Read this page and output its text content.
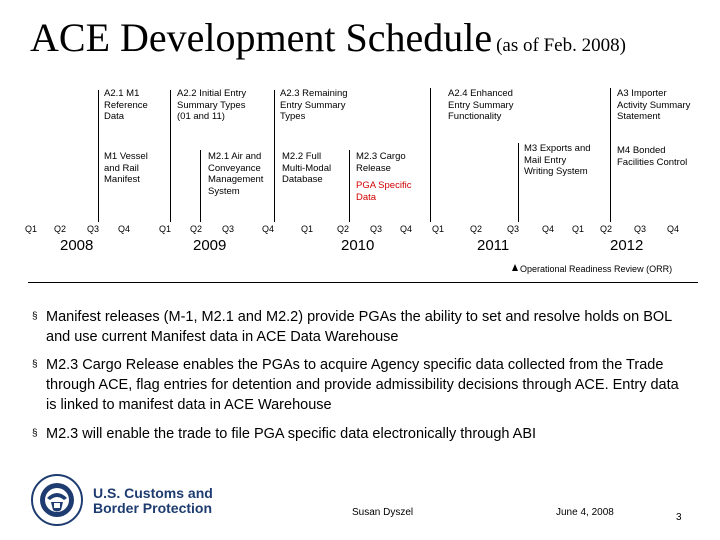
ACE Development Schedule (as of Feb. 2008)
A2.1 M1
Reference
Data
A2.2 Initial Entry
Summary Types
(01 and 11)
A2.3 Remaining
Entry Summary
Types
A2.4 Enhanced
Entry Summary
Functionality
A3 Importer
Activity Summary
Statement
M1 Vessel
and Rail
Manifest
M2.1 Air and
Conveyance
Management
System
M2.2 Full
Multi-Modal
Database
M2.3 Cargo
Release
PGA Specific
Data
M3 Exports and
Mail Entry
Writing System
M4 Bonded
Facilities Control
Q1 Q2 Q3 Q4	Q1 Q2 Q3	Q4	Q1	Q2 Q3 Q4 Q1	Q2	Q3	Q4 Q1 Q2 Q3 Q4
2008	2009	2010	2011	2012
Operational Readiness Review (ORR)
§ Manifest releases (M-1, M2.1 and M2.2) provide PGAs the ability to set and resolve holds on BOL and use current Manifest data in ACE Data Warehouse
§ M2.3 Cargo Release enables the PGAs to acquire Agency specific data collected from the Trade through ACE, flag entries for detention and provide admissibility decisions through ACE. Entry data is linked to manifest data in ACE Warehouse
§ M2.3 will enable the trade to file PGA specific data electronically through ABI
U.S. Customs and
Border Protection	Susan Dyszel	June 4, 2008	3
